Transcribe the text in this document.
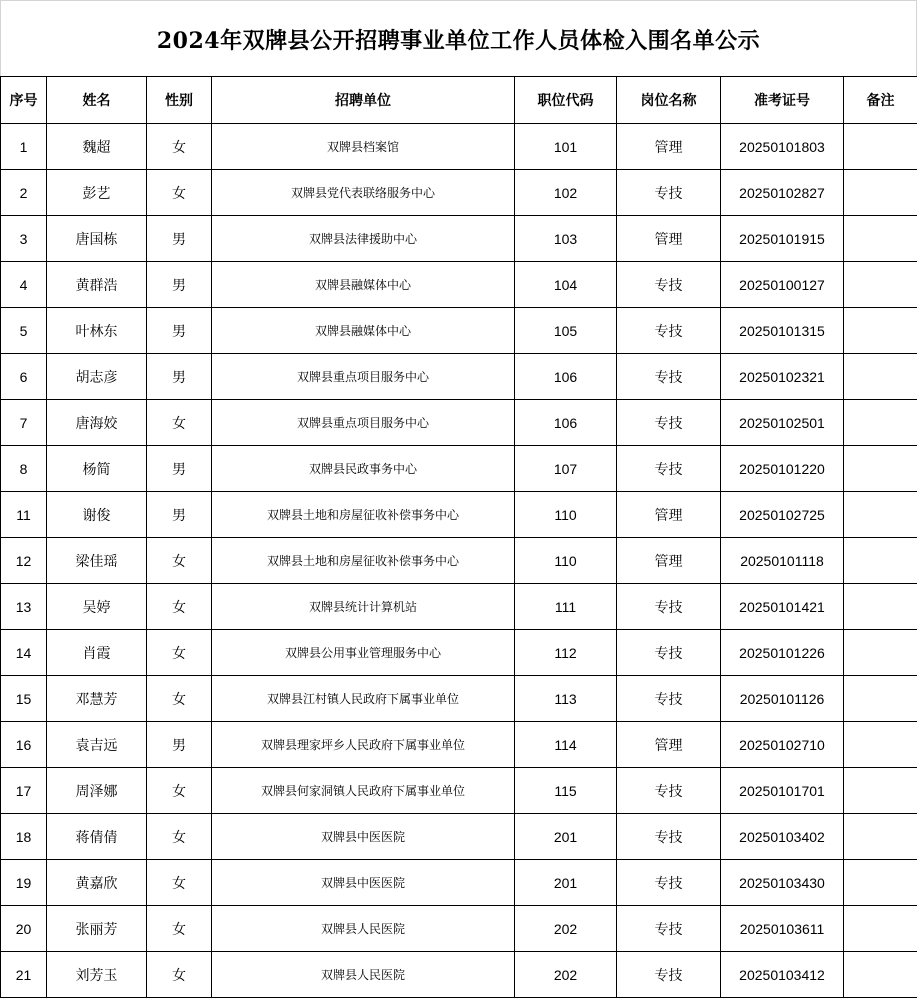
2024年双牌县公开招聘事业单位工作人员体检入围名单公示
序号	姓名	性别	招聘单位	职位代码	岗位名称	准考证号	备注
1	魏超	女	双牌县档案馆	101	管理	20250101803	
2	彭艺	女	双牌县党代表联络服务中心	102	专技	20250102827	
3	唐国栋	男	双牌县法律援助中心	103	管理	20250101915	
4	黄群浩	男	双牌县融媒体中心	104	专技	20250100127	
5	叶林东	男	双牌县融媒体中心	105	专技	20250101315	
6	胡志彦	男	双牌县重点项目服务中心	106	专技	20250102321	
7	唐海姣	女	双牌县重点项目服务中心	106	专技	20250102501	
8	杨简	男	双牌县民政事务中心	107	专技	20250101220	
11	谢俊	男	双牌县土地和房屋征收补偿事务中心	110	管理	20250102725	
12	梁佳瑶	女	双牌县土地和房屋征收补偿事务中心	110	管理	20250101118	
13	吴婷	女	双牌县统计计算机站	111	专技	20250101421	
14	肖霞	女	双牌县公用事业管理服务中心	112	专技	20250101226	
15	邓慧芳	女	双牌县江村镇人民政府下属事业单位	113	专技	20250101126	
16	袁吉远	男	双牌县理家坪乡人民政府下属事业单位	114	管理	20250102710	
17	周泽娜	女	双牌县何家洞镇人民政府下属事业单位	115	专技	20250101701	
18	蒋倩倩	女	双牌县中医医院	201	专技	20250103402	
19	黄嘉欣	女	双牌县中医医院	201	专技	20250103430	
20	张丽芳	女	双牌县人民医院	202	专技	20250103611	
21	刘芳玉	女	双牌县人民医院	202	专技	20250103412	
